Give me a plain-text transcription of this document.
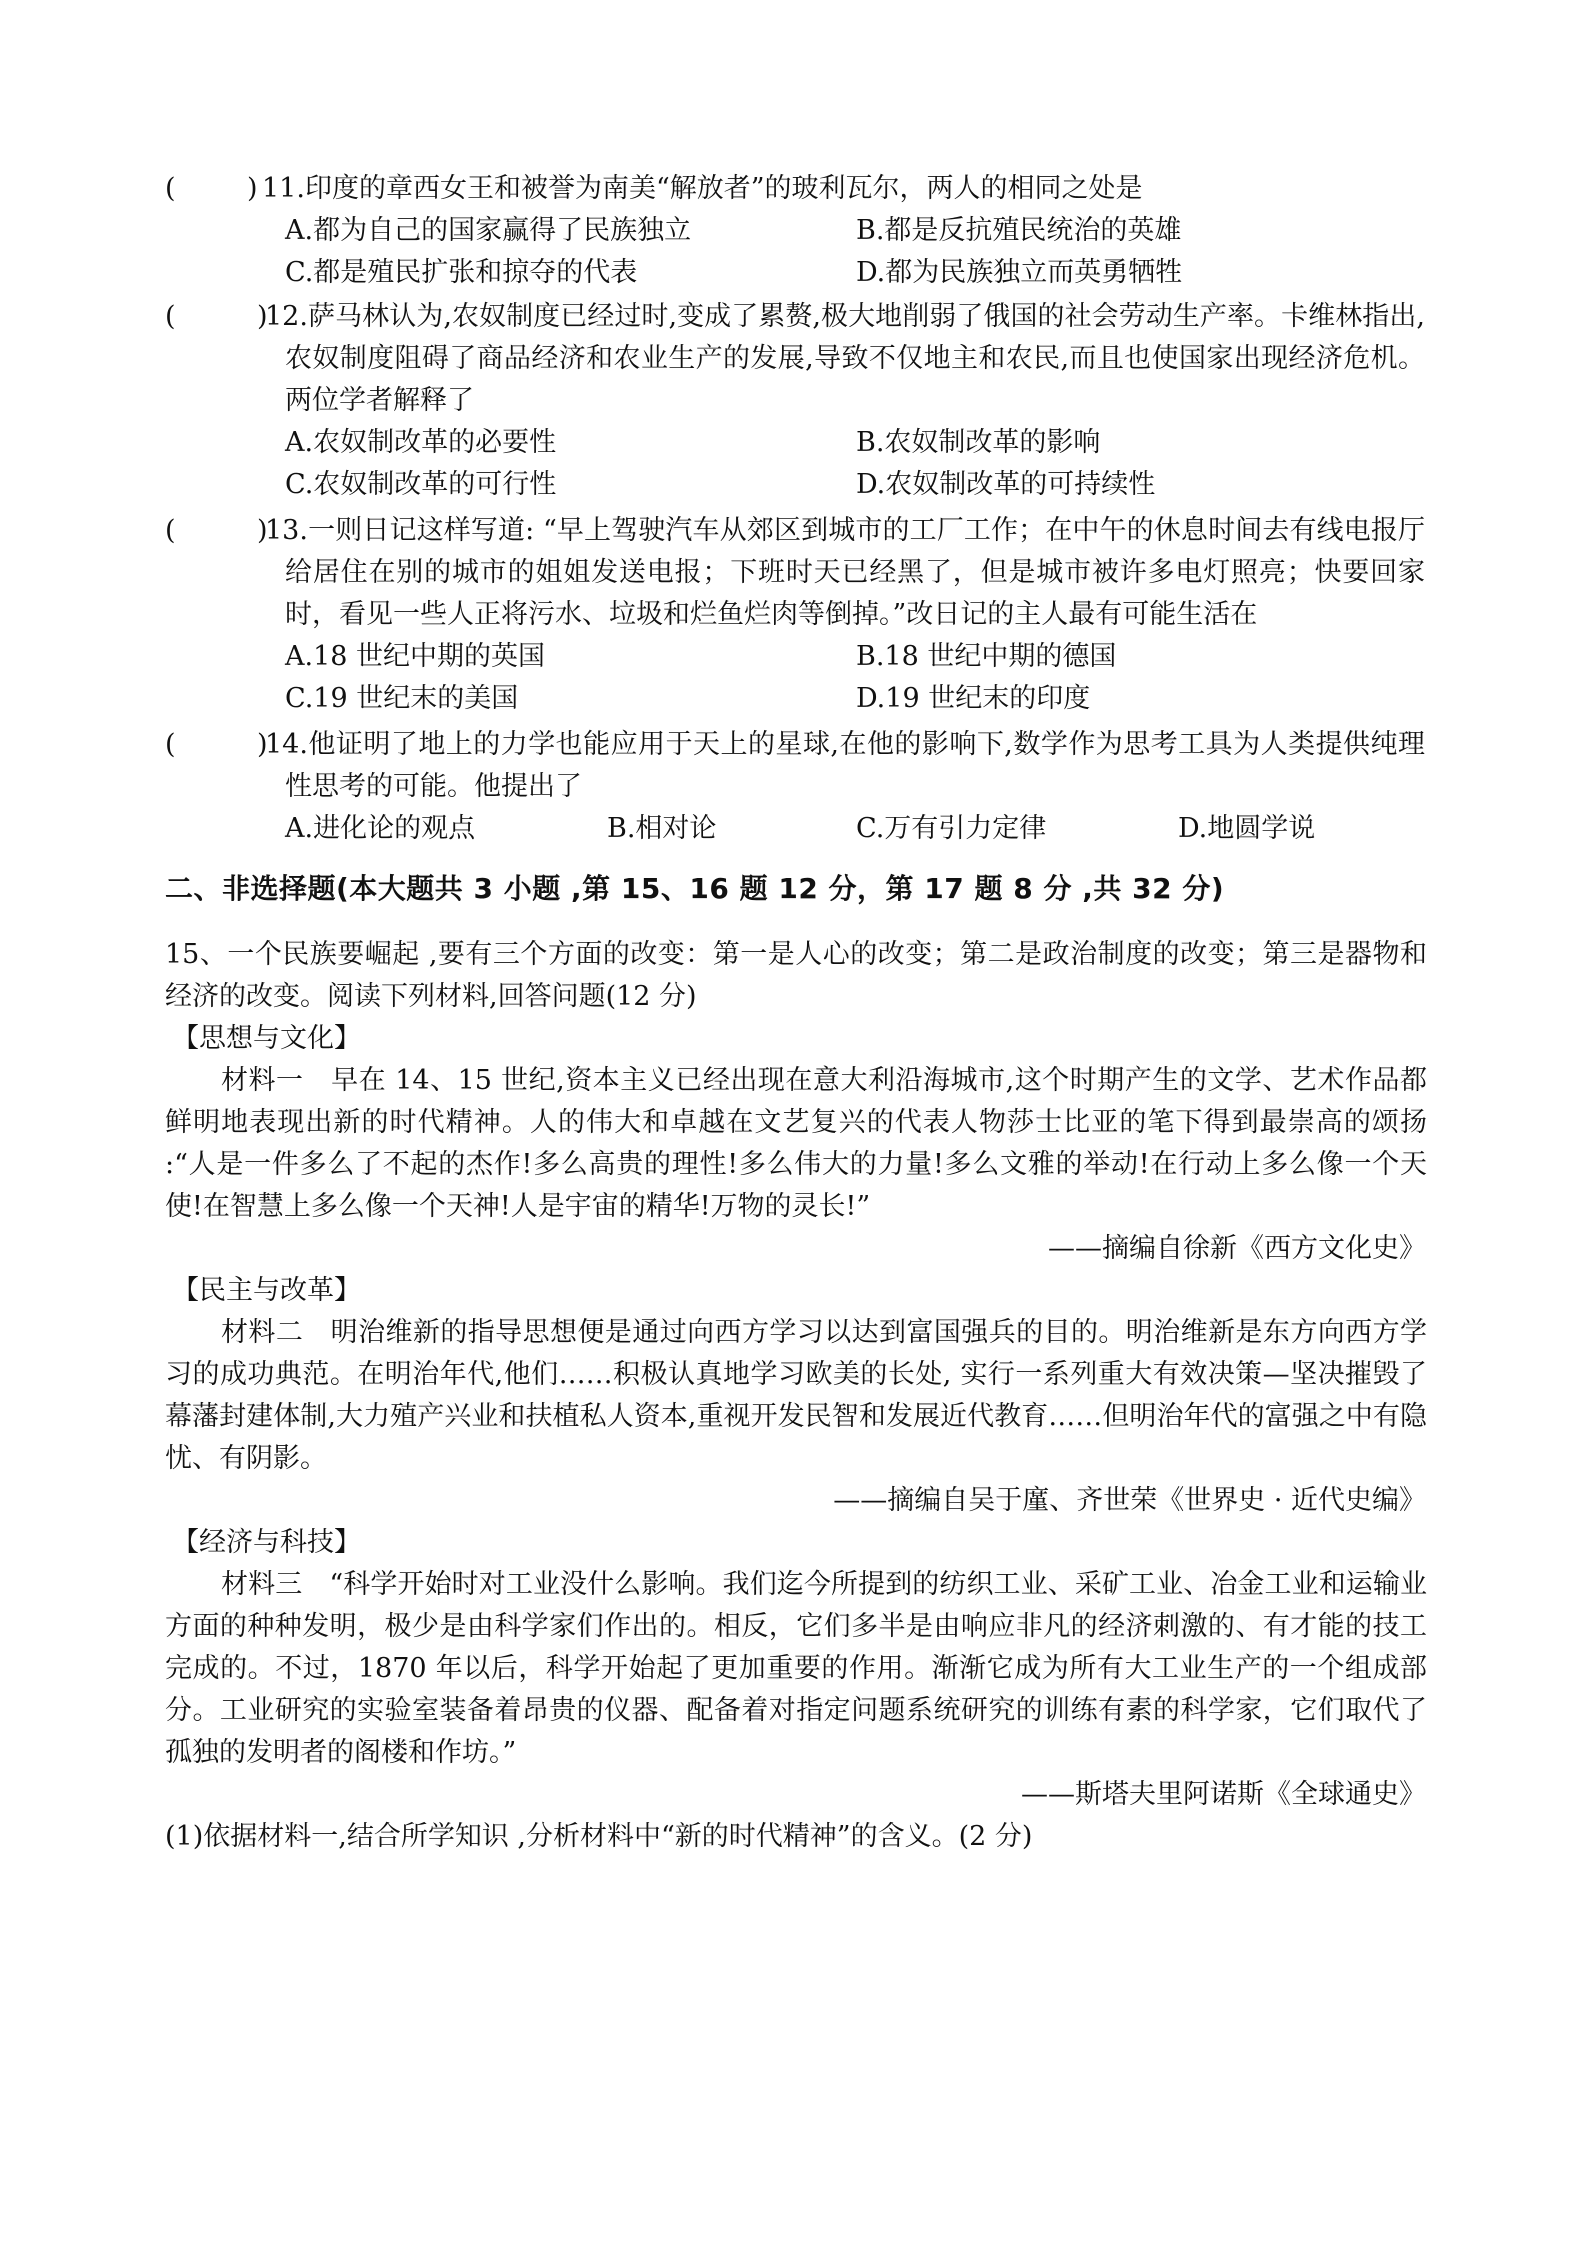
(	) 11.印度的章西女王和被誉为南美“解放者”的玻利瓦尔，两人的相同之处是
A.都为自己的国家赢得了民族独立	B.都是反抗殖民统治的英雄
C.都是殖民扩张和掠夺的代表	D.都为民族独立而英勇牺牲
(	)
12.萨马林认为,农奴制度已经过时,变成了累赘,极大地削弱了俄国的社会劳动生产率。卡维林指出,农奴制度阻碍了商品经济和农业生产的发展,导致不仅地主和农民,而且也使国家出现经济危机。两位学者解释了
A.农奴制改革的必要性	B.农奴制改革的影响
C.农奴制改革的可行性	D.农奴制改革的可持续性
(	)
13.一则日记这样写道: “早上驾驶汽车从郊区到城市的工厂工作；在中午的休息时间去有线电报厅给居住在别的城市的姐姐发送电报；下班时天已经黑了，但是城市被许多电灯照亮；快要回家时，看见一些人正将污水、垃圾和烂鱼烂肉等倒掉。”改日记的主人最有可能生活在
A.18 世纪中期的英国	B.18 世纪中期的德国
C.19 世纪末的美国	D.19 世纪末的印度
(	)
14.他证明了地上的力学也能应用于天上的星球,在他的影响下,数学作为思考工具为人类提供纯理性思考的可能。他提出了
A.进化论的观点	B.相对论	C.万有引力定律	D.地圆学说
二、非选择题(本大题共 3 小题 ,第 15、16 题 12 分，第 17 题 8 分 ,共 32 分)
15、一个民族要崛起 ,要有三个方面的改变：第一是人心的改变；第二是政治制度的改变；第三是器物和经济的改变。阅读下列材料,回答问题(12 分)
【思想与文化】
材料一　早在 14、15 世纪,资本主义已经出现在意大利沿海城市,这个时期产生的文学、艺术作品都鲜明地表现出新的时代精神。人的伟大和卓越在文艺复兴的代表人物莎士比亚的笔下得到最崇高的颂扬 :“人是一件多么了不起的杰作!多么高贵的理性!多么伟大的力量!多么文雅的举动!在行动上多么像一个天使!在智慧上多么像一个天神!人是宇宙的精华!万物的灵长!”
——摘编自徐新《西方文化史》
【民主与改革】
材料二　明治维新的指导思想便是通过向西方学习以达到富国强兵的目的。明治维新是东方向西方学习的成功典范。在明治年代,他们……积极认真地学习欧美的长处, 实行一系列重大有效决策—坚决摧毁了幕藩封建体制,大力殖产兴业和扶植私人资本,重视开发民智和发展近代教育……但明治年代的富强之中有隐忧、有阴影。
——摘编自吴于廑、齐世荣《世界史 · 近代史编》
【经济与科技】
材料三　“科学开始时对工业没什么影响。我们迄今所提到的纺织工业、采矿工业、冶金工业和运输业方面的种种发明，极少是由科学家们作出的。相反，它们多半是由响应非凡的经济刺激的、有才能的技工完成的。不过，1870 年以后，科学开始起了更加重要的作用。渐渐它成为所有大工业生产的一个组成部分。工业研究的实验室装备着昂贵的仪器、配备着对指定问题系统研究的训练有素的科学家，它们取代了孤独的发明者的阁楼和作坊。”
——斯塔夫里阿诺斯《全球通史》
(1)依据材料一,结合所学知识 ,分析材料中“新的时代精神”的含义。(2 分)
